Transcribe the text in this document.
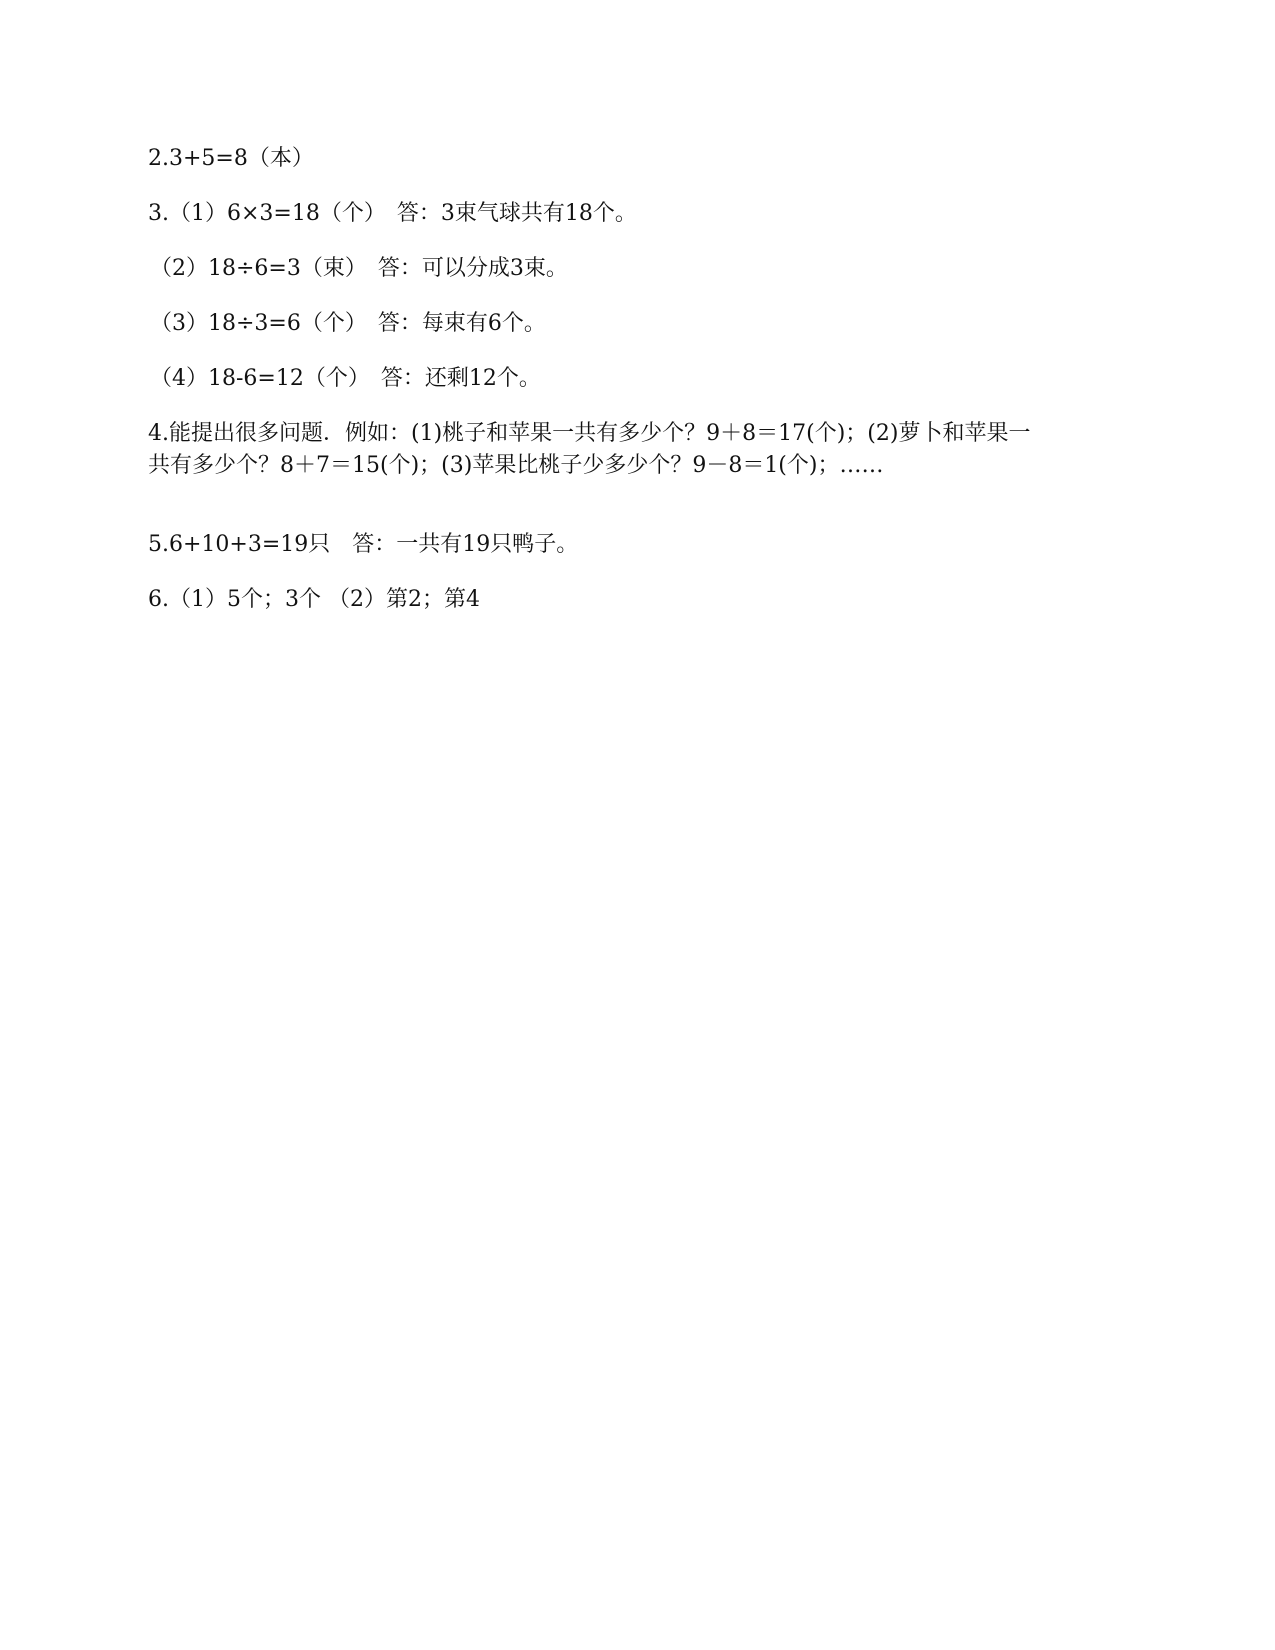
2.3+5=8（本）
3.（1）6×3=18（个）　答：3束气球共有18个。
（2）18÷6=3（束）　答：可以分成3束。
（3）18÷3=6（个）　答：每束有6个。
（4）18-6=12（个）　答：还剩12个。
4.能提出很多问题．例如：(1)桃子和苹果一共有多少个？9＋8＝17(个)；(2)萝卜和苹果一
共有多少个？8＋7＝15(个)；(3)苹果比桃子少多少个？9－8＝1(个)；……
5.6+10+3=19只　答：一共有19只鸭子。
6.（1）5个；3个 （2）第2；第4
